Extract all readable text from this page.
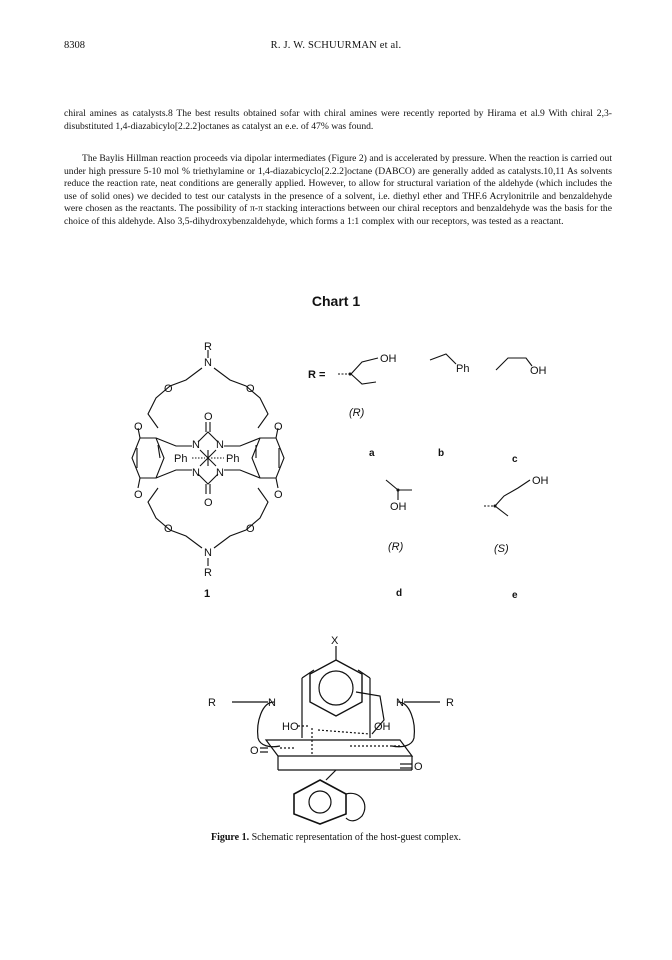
8308	R. J. W. SCHUURMAN et al.

chiral amines as catalysts.8 The best results obtained sofar with chiral amines were recently reported by Hirama et al.9 With chiral 2,3-disubstituted 1,4-diazabicylo[2.2.2]octanes as catalyst an e.e. of 47% was found.

The Baylis Hillman reaction proceeds via dipolar intermediates (Figure 2) and is accelerated by pressure. When the reaction is carried out under high pressure 5-10 mol % triethylamine or 1,4-diazabicyclo[2.2.2]octane (DABCO) are generally added as catalysts.10,11 As solvents reduce the reaction rate, neat conditions are generally applied. However, to allow for structural variation of the aldehyde (which includes the use of solid ones) we decided to test our catalysts in the presence of a solvent, i.e. diethyl ether and THF.6 Acrylonitrile and benzaldehyde were chosen as the reactants. The possibility of π-π stacking interactions between our chiral receptors and benzaldehyde was the basis for the choice of this aldehyde. Also 3,5-dihydroxybenzaldehyde, which forms a 1:1 complex with our receptors, was tested as a reactant.

Chart 1
R
N
O	O
O	O
O
N N
Ph	Ph
N N
O
O	O
O	O
N
R
1
R =
OH
(R)
a
Ph
b
OH
c
OH
(R)
d
OH
(S)
e
X
R	N	N	R
HO	OH
O
O
Figure 1. Schematic representation of the host-guest complex.
